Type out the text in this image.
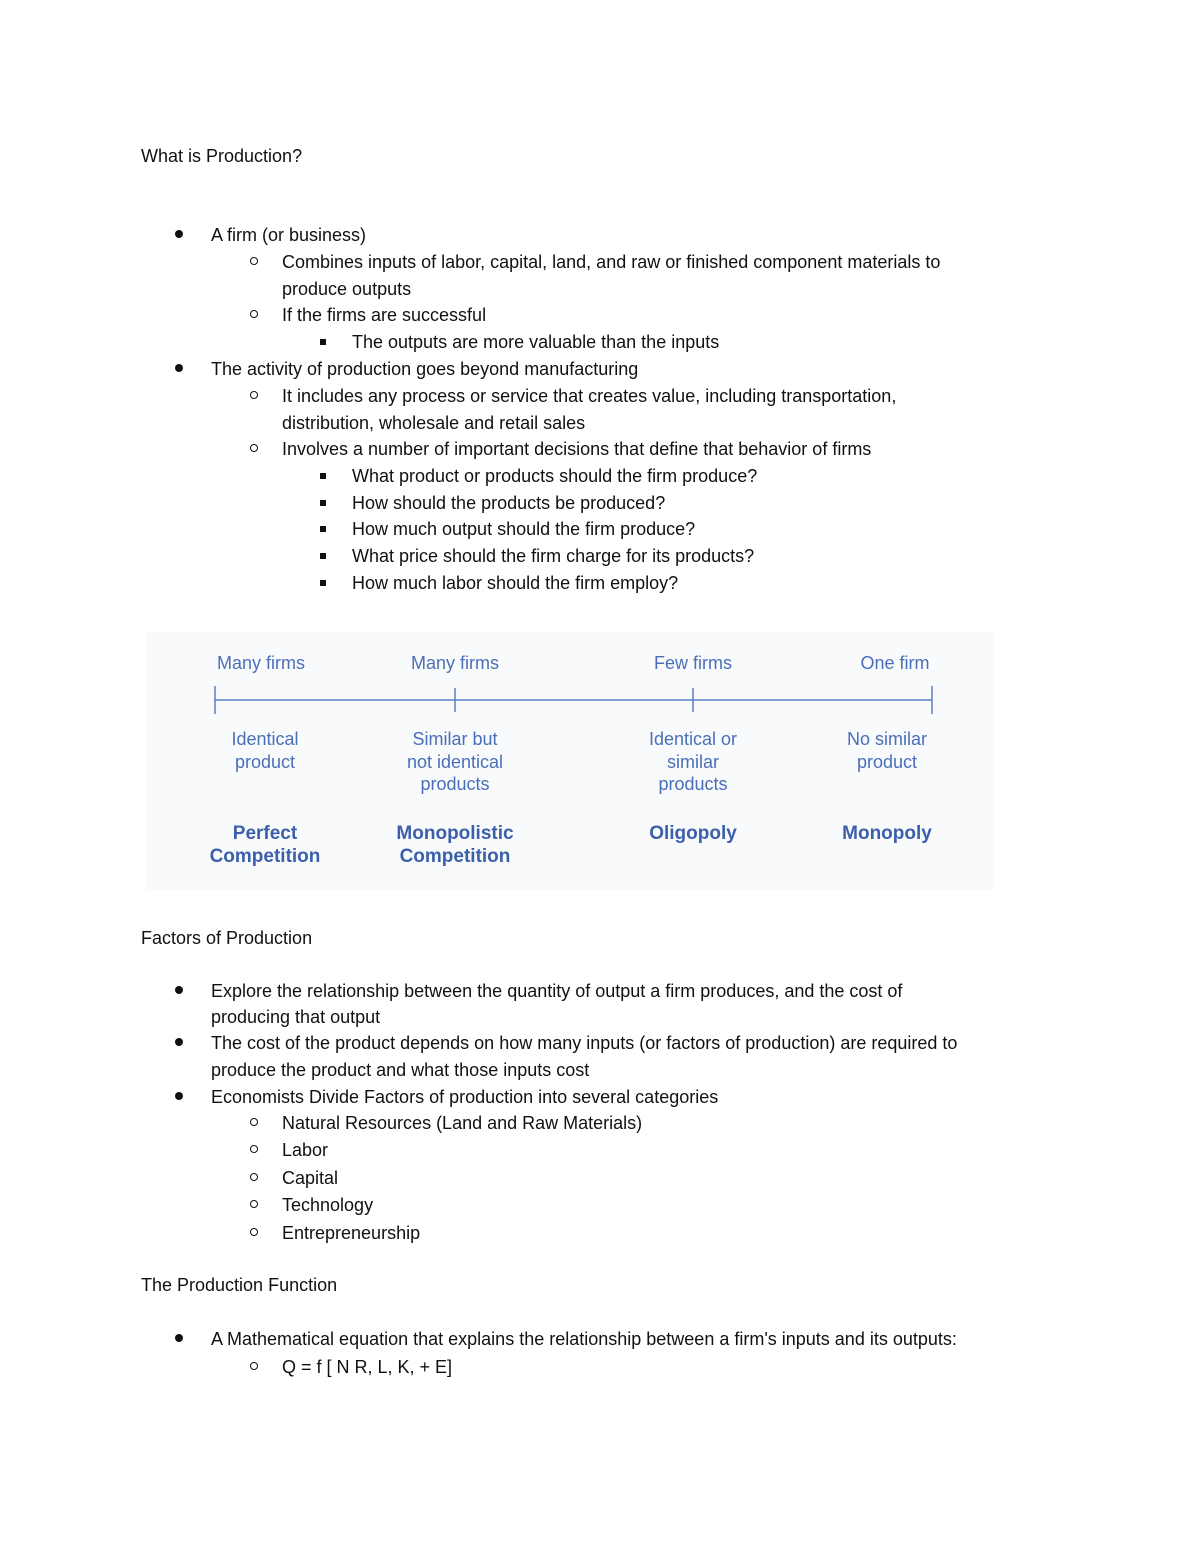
What is Production?
A firm (or business)
Combines inputs of labor, capital, land, and raw or finished component materials to
produce outputs
If the firms are successful
The outputs are more valuable than the inputs
The activity of production goes beyond manufacturing
It includes any process or service that creates value, including transportation,
distribution, wholesale and retail sales
Involves a number of important decisions that define that behavior of firms
What product or products should the firm produce?
How should the products be produced?
How much output should the firm produce?
What price should the firm charge for its products?
How much labor should the firm employ?
Many firms
Identical
product
Perfect
Competition
Many firms
Similar but
not identical
products
Monopolistic
Competition
Few firms
Identical or
similar
products
Oligopoly
One firm
No similar
product
Monopoly
Factors of Production
Explore the relationship between the quantity of output a firm produces, and the cost of
producing that output
The cost of the product depends on how many inputs (or factors of production) are required to
produce the product and what those inputs cost
Economists Divide Factors of production into several categories
Natural Resources (Land and Raw Materials)
Labor
Capital
Technology
Entrepreneurship
The Production Function
A Mathematical equation that explains the relationship between a firm's inputs and its outputs:
Q = f [ N R, L, K, + E]
